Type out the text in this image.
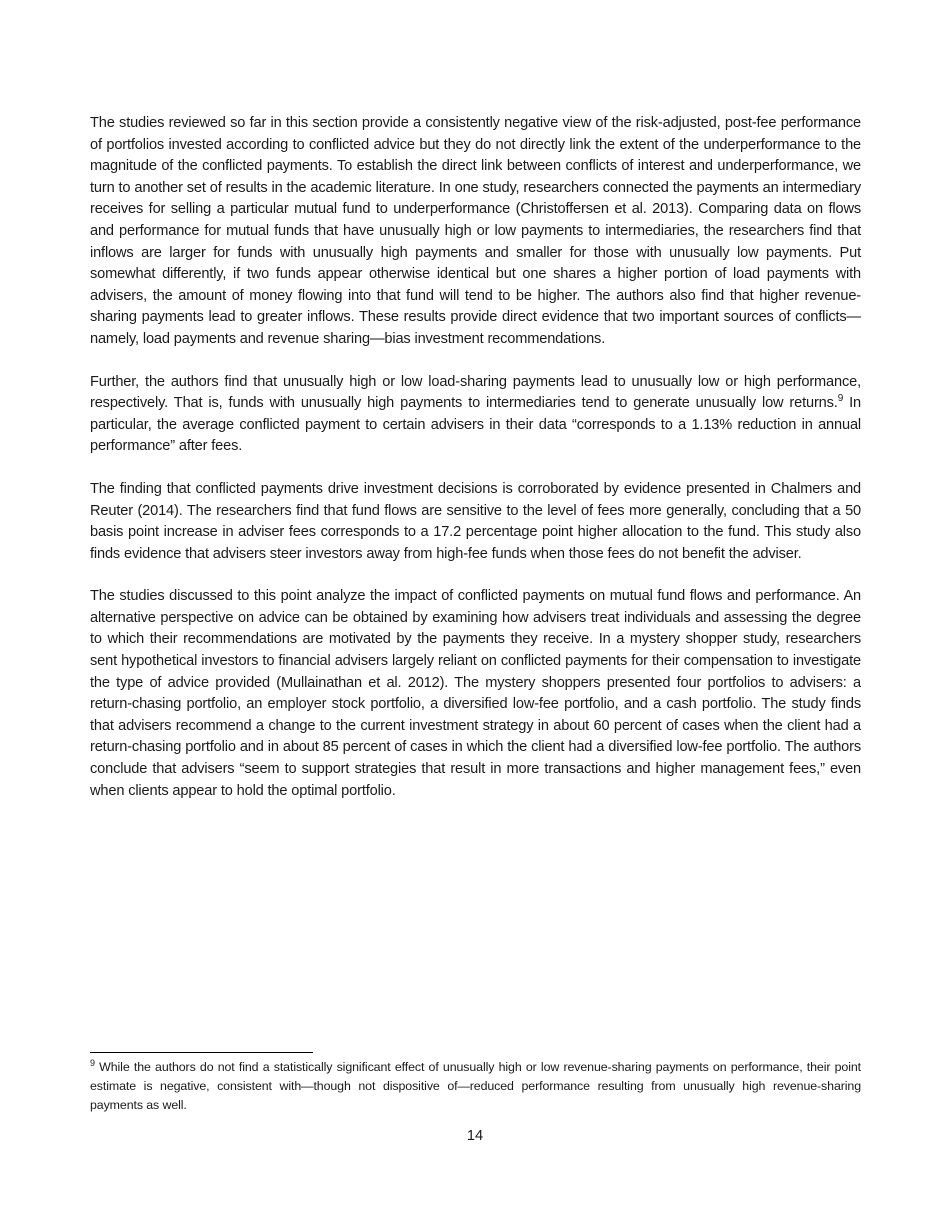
The studies reviewed so far in this section provide a consistently negative view of the risk-adjusted, post-fee performance of portfolios invested according to conflicted advice but they do not directly link the extent of the underperformance to the magnitude of the conflicted payments. To establish the direct link between conflicts of interest and underperformance, we turn to another set of results in the academic literature. In one study, researchers connected the payments an intermediary receives for selling a particular mutual fund to underperformance (Christoffersen et al. 2013). Comparing data on flows and performance for mutual funds that have unusually high or low payments to intermediaries, the researchers find that inflows are larger for funds with unusually high payments and smaller for those with unusually low payments. Put somewhat differently, if two funds appear otherwise identical but one shares a higher portion of load payments with advisers, the amount of money flowing into that fund will tend to be higher. The authors also find that higher revenue-sharing payments lead to greater inflows. These results provide direct evidence that two important sources of conflicts—namely, load payments and revenue sharing—bias investment recommendations.

Further, the authors find that unusually high or low load-sharing payments lead to unusually low or high performance, respectively. That is, funds with unusually high payments to intermediaries tend to generate unusually low returns.$^9$ In particular, the average conflicted payment to certain advisers in their data “corresponds to a 1.13% reduction in annual performance” after fees.

The finding that conflicted payments drive investment decisions is corroborated by evidence presented in Chalmers and Reuter (2014). The researchers find that fund flows are sensitive to the level of fees more generally, concluding that a 50 basis point increase in adviser fees corresponds to a 17.2 percentage point higher allocation to the fund. This study also finds evidence that advisers steer investors away from high-fee funds when those fees do not benefit the adviser.

The studies discussed to this point analyze the impact of conflicted payments on mutual fund flows and performance. An alternative perspective on advice can be obtained by examining how advisers treat individuals and assessing the degree to which their recommendations are motivated by the payments they receive. In a mystery shopper study, researchers sent hypothetical investors to financial advisers largely reliant on conflicted payments for their compensation to investigate the type of advice provided (Mullainathan et al. 2012). The mystery shoppers presented four portfolios to advisers: a return-chasing portfolio, an employer stock portfolio, a diversified low-fee portfolio, and a cash portfolio. The study finds that advisers recommend a change to the current investment strategy in about 60 percent of cases when the client had a return-chasing portfolio and in about 85 percent of cases in which the client had a diversified low-fee portfolio. The authors conclude that advisers “seem to support strategies that result in more transactions and higher management fees,” even when clients appear to hold the optimal portfolio.

$^9$ While the authors do not find a statistically significant effect of unusually high or low revenue-sharing payments on performance, their point estimate is negative, consistent with—though not dispositive of—reduced performance resulting from unusually high revenue-sharing payments as well.

14
